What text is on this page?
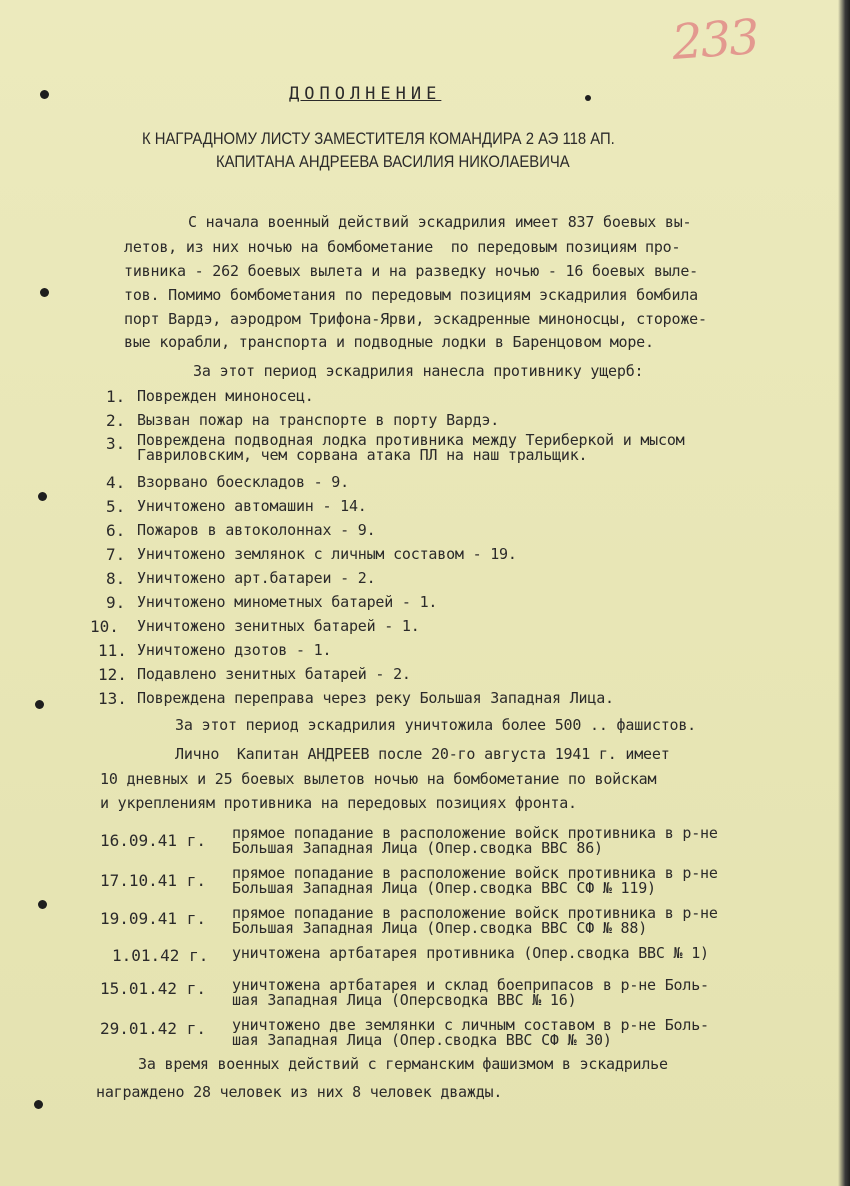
233
ДОПОЛНЕНИЕ
К НАГРАДНОМУ ЛИСТУ ЗАМЕСТИТЕЛЯ КОМАНДИРА 2 АЭ 118 АП.
КАПИТАНА АНДРЕЕВА ВАСИЛИЯ НИКОЛАЕВИЧА
С начала военный действий эскадрилия имеет 837 боевых вы-
летов, из них ночью на бомбометание  по передовым позициям про-
тивника - 262 боевых вылета и на разведку ночью - 16 боевых выле-
тов. Помимо бомбометания по передовым позициям эскадрилия бомбила
порт Вардэ, аэродром Трифона-Ярви, эскадренные миноносцы, стороже-
вые корабли, транспорта и подводные лодки в Баренцовом море.
За этот период эскадрилия нанесла противнику ущерб:
1. Поврежден миноносец.
2. Вызван пожар на транспорте в порту Вардэ.
3. Повреждена подводная лодка противника между Териберкой и мысом
Гавриловским, чем сорвана атака ПЛ на наш тральщик.
4. Взорвано боескладов - 9.
5. Уничтожено автомашин - 14.
6. Пожаров в автоколоннах - 9.
7. Уничтожено землянок с личным составом - 19.
8. Уничтожено арт.батареи - 2.
9. Уничтожено минометных батарей - 1.
10. Уничтожено зенитных батарей - 1.
11. Уничтожено дзотов - 1.
12. Подавлено зенитных батарей - 2.
13. Повреждена переправа через реку Большая Западная Лица.
За этот период эскадрилия уничтожила более 500 .. фашистов.
Лично  Капитан АНДРЕЕВ после 20-го августа 1941 г. имеет
10 дневных и 25 боевых вылетов ночью на бомбометание по войскам
и укреплениям противника на передовых позициях фронта.
16.09.41 г. прямое попадание в расположение войск противника в р-не
Большая Западная Лица (Опер.сводка ВВС 86)
17.10.41 г. прямое попадание в расположение войск противника в р-не
Большая Западная Лица (Опер.сводка ВВС СФ № 119)
19.09.41 г. прямое попадание в расположение войск противника в р-не
Большая Западная Лица (Опер.сводка ВВС СФ № 88)
1.01.42 г. уничтожена артбатарея противника (Опер.сводка ВВС № 1)
15.01.42 г. уничтожена артбатарея и склад боеприпасов в р-не Боль-
шая Западная Лица (Оперсводка ВВС № 16)
29.01.42 г. уничтожено две землянки с личным составом в р-не Боль-
шая Западная Лица (Опер.сводка ВВС СФ № 30)
За время военных действий с германским фашизмом в эскадрилье
награждено 28 человек из них 8 человек дважды.
